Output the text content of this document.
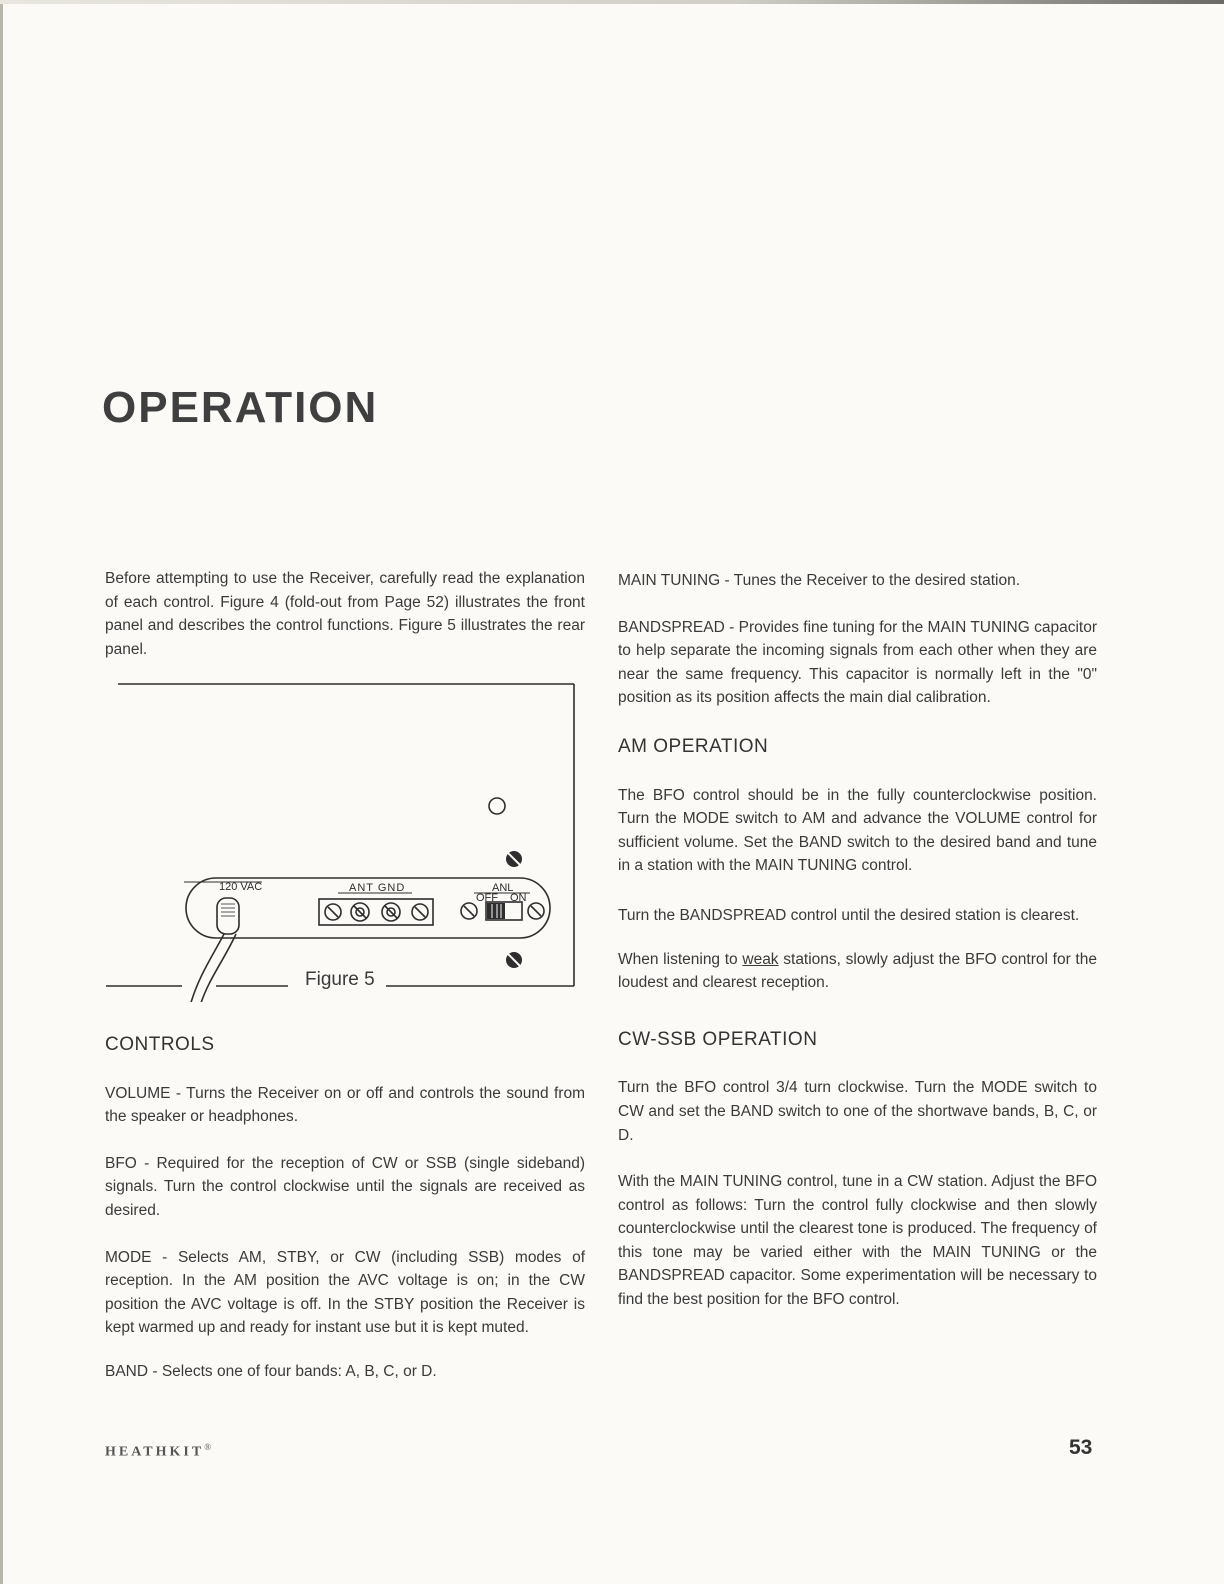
OPERATION

Before attempting to use the Receiver, carefully read the explanation of each control. Figure 4 (fold-out from Page 52) illustrates the front panel and describes the control functions. Figure 5 illustrates the rear panel.

120 VAC	ANT GND	ANL
OFF ON
Figure 5
CONTROLS

VOLUME - Turns the Receiver on or off and controls the sound from the speaker or headphones.

BFO - Required for the reception of CW or SSB (single sideband) signals. Turn the control clockwise until the signals are received as desired.

MODE - Selects AM, STBY, or CW (including SSB) modes of reception. In the AM position the AVC voltage is on; in the CW position the AVC voltage is off. In the STBY position the Receiver is kept warmed up and ready for instant use but it is kept muted.

BAND - Selects one of four bands: A, B, C, or D.

MAIN TUNING - Tunes the Receiver to the desired station.

BANDSPREAD - Provides fine tuning for the MAIN TUNING capacitor to help separate the incoming signals from each other when they are near the same frequency. This capacitor is normally left in the "0" position as its position affects the main dial calibration.

AM OPERATION

The BFO control should be in the fully counterclockwise position. Turn the MODE switch to AM and advance the VOLUME control for sufficient volume. Set the BAND switch to the desired band and tune in a station with the MAIN TUNING control.

Turn the BANDSPREAD control until the desired station is clearest.

When listening to weak stations, slowly adjust the BFO control for the loudest and clearest reception.

CW-SSB OPERATION

Turn the BFO control 3/4 turn clockwise. Turn the MODE switch to CW and set the BAND switch to one of the shortwave bands, B, C, or D.

With the MAIN TUNING control, tune in a CW station. Adjust the BFO control as follows: Turn the control fully clockwise and then slowly counterclockwise until the clearest tone is produced. The frequency of this tone may be varied either with the MAIN TUNING or the BANDSPREAD capacitor. Some experimentation will be necessary to find the best position for the BFO control.

HEATHKIT®	53
